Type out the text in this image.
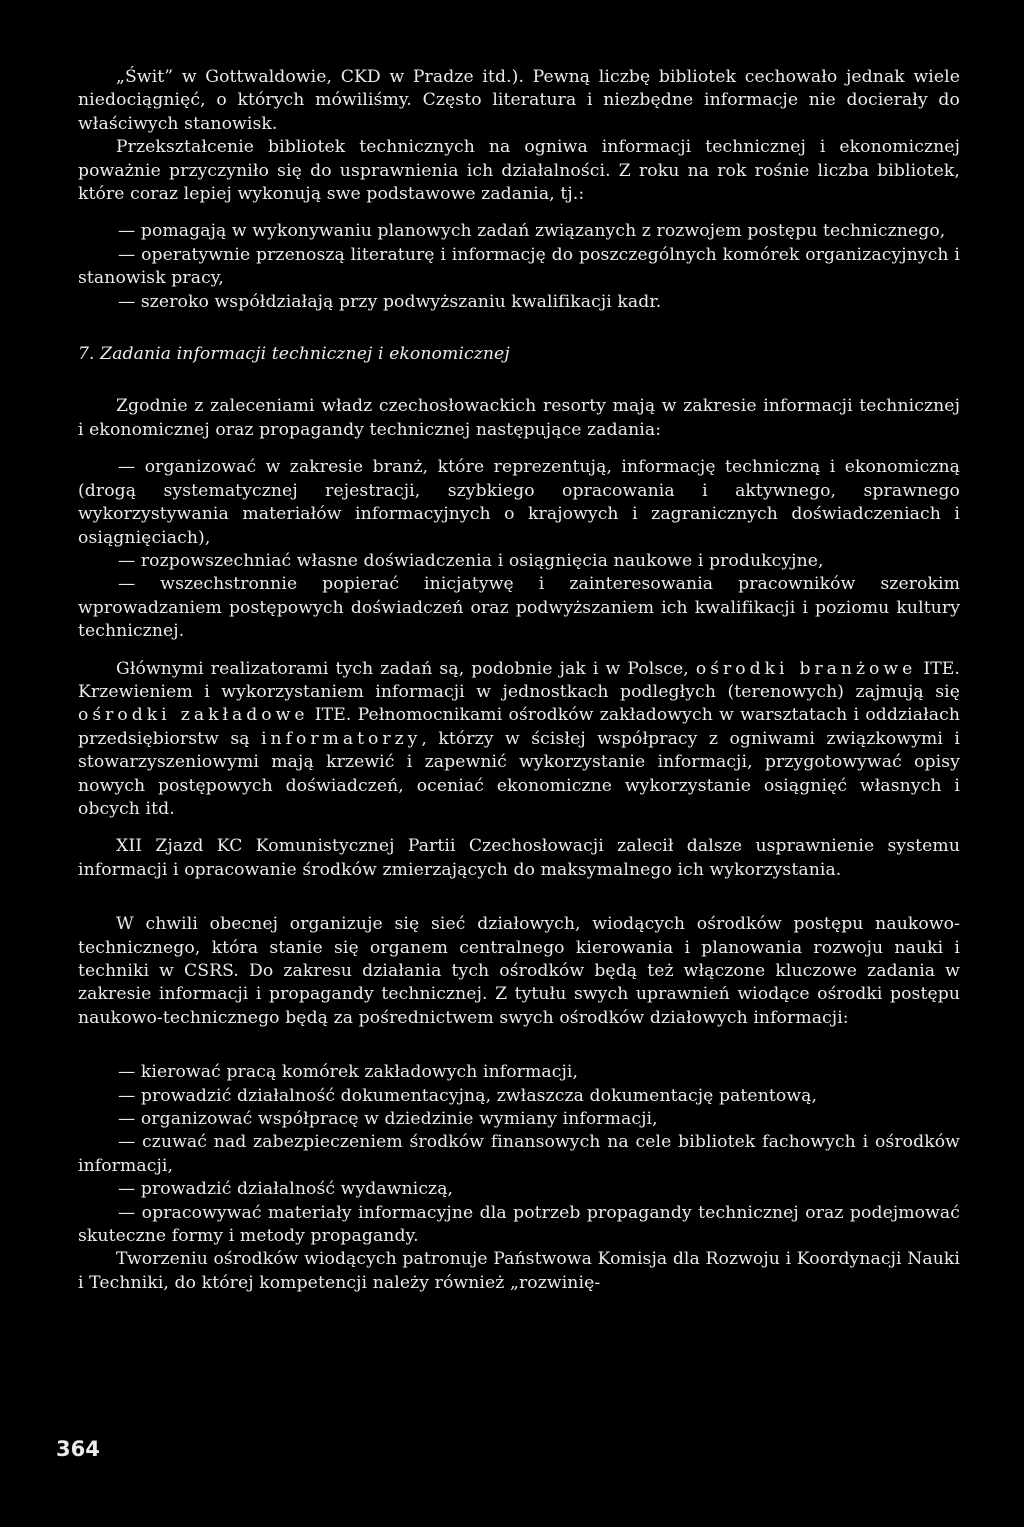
„Świt” w Gottwaldowie, CKD w Pradze itd.). Pewną liczbę bibliotek cechowało jednak wiele niedociągnięć, o których mówiliśmy. Często literatura i niezbędne informacje nie docierały do właściwych stanowisk.

Przekształcenie bibliotek technicznych na ogniwa informacji technicznej i ekonomicznej poważnie przyczyniło się do usprawnienia ich działalności. Z roku na rok rośnie liczba bibliotek, które coraz lepiej wykonują swe podstawowe zadania, tj.:

— pomagają w wykonywaniu planowych zadań związanych z rozwojem postępu technicznego,

— operatywnie przenoszą literaturę i informację do poszczególnych komórek organizacyjnych i stanowisk pracy,

— szeroko współdziałają przy podwyższaniu kwalifikacji kadr.

7. Zadania informacji technicznej i ekonomicznej

Zgodnie z zaleceniami władz czechosłowackich resorty mają w zakresie informacji technicznej i ekonomicznej oraz propagandy technicznej następujące zadania:

— organizować w zakresie branż, które reprezentują, informację techniczną i ekonomiczną (drogą systematycznej rejestracji, szybkiego opracowania i aktywnego, sprawnego wykorzystywania materiałów informacyjnych o krajowych i zagranicznych doświadczeniach i osiągnięciach),

— rozpowszechniać własne doświadczenia i osiągnięcia naukowe i produkcyjne,

— wszechstronnie popierać inicjatywę i zainteresowania pracowników szerokim wprowadzaniem postępowych doświadczeń oraz podwyższaniem ich kwalifikacji i poziomu kultury technicznej.

Głównymi realizatorami tych zadań są, podobnie jak i w Polsce, ośrodki branżowe ITE. Krzewieniem i wykorzystaniem informacji w jednostkach podległych (terenowych) zajmują się ośrodki zakładowe ITE. Pełnomocnikami ośrodków zakładowych w warsztatach i oddziałach przedsiębiorstw są informatorzy, którzy w ścisłej współpracy z ogniwami związkowymi i stowarzyszeniowymi mają krzewić i zapewnić wykorzystanie informacji, przygotowywać opisy nowych postępowych doświadczeń, oceniać ekonomiczne wykorzystanie osiągnięć własnych i obcych itd.

XII Zjazd KC Komunistycznej Partii Czechosłowacji zalecił dalsze usprawnienie systemu informacji i opracowanie środków zmierzających do maksymalnego ich wykorzystania.

W chwili obecnej organizuje się sieć działowych, wiodących ośrodków postępu naukowo-technicznego, która stanie się organem centralnego kierowania i planowania rozwoju nauki i techniki w CSRS. Do zakresu działania tych ośrodków będą też włączone kluczowe zadania w zakresie informacji i propagandy technicznej. Z tytułu swych uprawnień wiodące ośrodki postępu naukowo-technicznego będą za pośrednictwem swych ośrodków działowych informacji:

— kierować pracą komórek zakładowych informacji,

— prowadzić działalność dokumentacyjną, zwłaszcza dokumentację patentową,

— organizować współpracę w dziedzinie wymiany informacji,

— czuwać nad zabezpieczeniem środków finansowych na cele bibliotek fachowych i ośrodków informacji,

— prowadzić działalność wydawniczą,

— opracowywać materiały informacyjne dla potrzeb propagandy technicznej oraz podejmować skuteczne formy i metody propagandy.

Tworzeniu ośrodków wiodących patronuje Państwowa Komisja dla Rozwoju i Koordynacji Nauki i Techniki, do której kompetencji należy również „rozwinię-

364
